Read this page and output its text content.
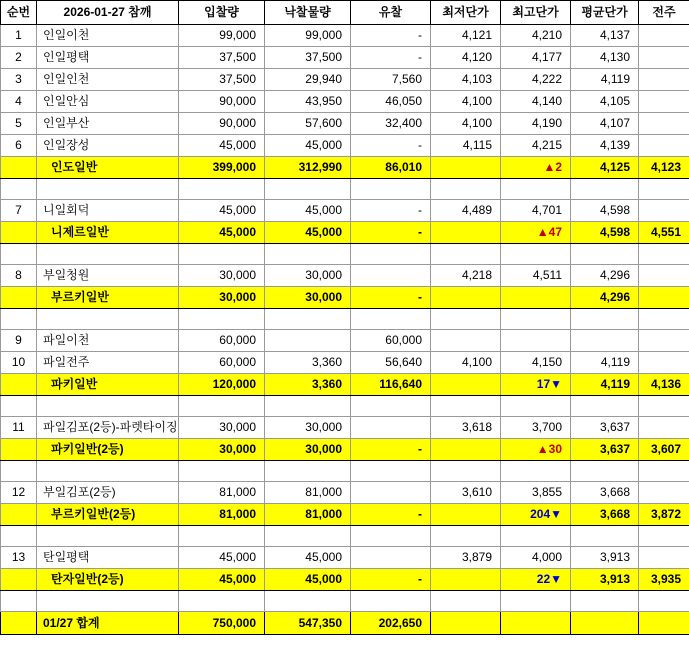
순번	2026-01-27 참깨	입찰량	낙찰물량	유찰	최저단가	최고단가	평균단가	전주
1	인일이천	99,000	99,000	-	4,121	4,210	4,137	
2	인일평택	37,500	37,500	-	4,120	4,177	4,130	
3	인일인천	37,500	29,940	7,560	4,103	4,222	4,119	
4	인일안심	90,000	43,950	46,050	4,100	4,140	4,105	
5	인일부산	90,000	57,600	32,400	4,100	4,190	4,107	
6	인일장성	45,000	45,000	-	4,115	4,215	4,139	
	인도일반	399,000	312,990	86,010		▲2	4,125	4,123

7	니일회덕	45,000	45,000	-	4,489	4,701	4,598	
	니제르일반	45,000	45,000	-		▲47	4,598	4,551

8	부일청원	30,000	30,000		4,218	4,511	4,296	
	부르키일반	30,000	30,000	-			4,296	

9	파일이천	60,000		60,000				
10	파일전주	60,000	3,360	56,640	4,100	4,150	4,119	
	파키일반	120,000	3,360	116,640		17▼	4,119	4,136

11	파일김포(2등)-파렛타이징	30,000	30,000		3,618	3,700	3,637	
	파키일반(2등)	30,000	30,000	-		▲30	3,637	3,607

12	부일김포(2등)	81,000	81,000		3,610	3,855	3,668	
	부르키일반(2등)	81,000	81,000	-		204▼	3,668	3,872

13	탄일평택	45,000	45,000		3,879	4,000	3,913	
	탄자일반(2등)	45,000	45,000	-		22▼	3,913	3,935

	01/27 합계	750,000	547,350	202,650				
